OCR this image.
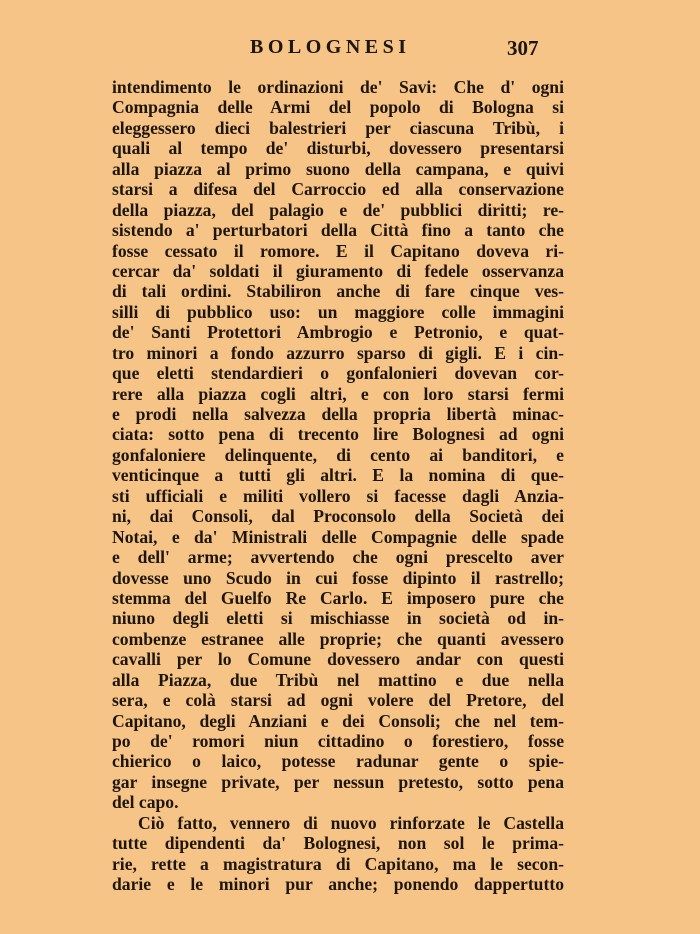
BOLOGNESI	307
intendimento le ordinazioni de' Savi: Che d' ogni
Compagnia delle Armi del popolo di Bologna si
eleggessero dieci balestrieri per ciascuna Tribù, i
quali al tempo de' disturbi, dovessero presentarsi
alla piazza al primo suono della campana, e quivi
starsi a difesa del Carroccio ed alla conservazione
della piazza, del palagio e de' pubblici diritti; re-
sistendo a' perturbatori della Città fino a tanto che
fosse cessato il romore. E il Capitano doveva ri-
cercar da' soldati il giuramento di fedele osservanza
di tali ordini. Stabiliron anche di fare cinque ves-
silli di pubblico uso: un maggiore colle immagini
de' Santi Protettori Ambrogio e Petronio, e quat-
tro minori a fondo azzurro sparso di gigli. E i cin-
que eletti stendardieri o gonfalonieri dovevan cor-
rere alla piazza cogli altri, e con loro starsi fermi
e prodi nella salvezza della propria libertà minac-
ciata: sotto pena di trecento lire Bolognesi ad ogni
gonfaloniere delinquente, di cento ai banditori, e
venticinque a tutti gli altri. E la nomina di que-
sti ufficiali e militi vollero si facesse dagli Anzia-
ni, dai Consoli, dal Proconsolo della Società dei
Notai, e da' Ministrali delle Compagnie delle spade
e dell' arme; avvertendo che ogni prescelto aver
dovesse uno Scudo in cui fosse dipinto il rastrello;
stemma del Guelfo Re Carlo. E imposero pure che
niuno degli eletti si mischiasse in società od in-
combenze estranee alle proprie; che quanti avessero
cavalli per lo Comune dovessero andar con questi
alla Piazza, due Tribù nel mattino e due nella
sera, e colà starsi ad ogni volere del Pretore, del
Capitano, degli Anziani e dei Consoli; che nel tem-
po de' romori niun cittadino o forestiero, fosse
chierico o laico, potesse radunar gente o spie-
gar insegne private, per nessun pretesto, sotto pena
del capo.
Ciò fatto, vennero di nuovo rinforzate le Castella
tutte dipendenti da' Bolognesi, non sol le prima-
rie, rette a magistratura di Capitano, ma le secon-
darie e le minori pur anche; ponendo dappertutto
